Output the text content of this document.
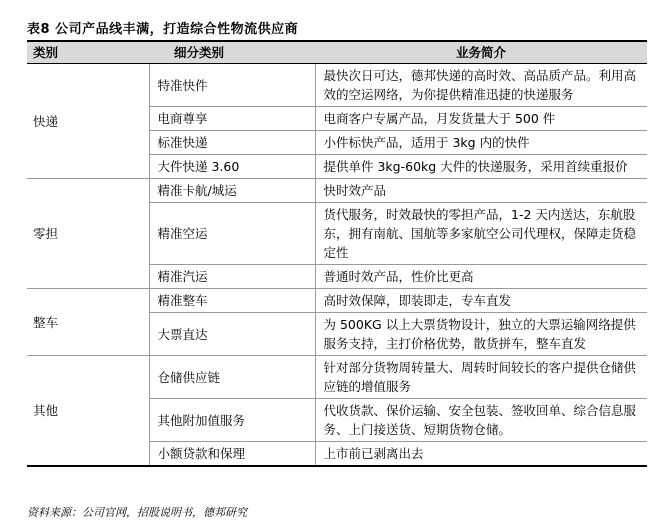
表8 公司产品线丰满，打造综合性物流供应商
类别	细分类别	业务简介
快递	特准快件	最快次日可达，德邦快递的高时效、高品质产品。利用高效的空运网络，为你提供精准迅捷的快递服务
	电商尊享	电商客户专属产品，月发货量大于 500 件
	标准快递	小件标快产品，适用于 3kg 内的快件
	大件快递 3.60	提供单件 3kg-60kg 大件的快递服务，采用首续重报价
零担	精准卡航/城运	快时效产品
	精准空运	货代服务，时效最快的零担产品，1-2 天内送达，东航股东，拥有南航、国航等多家航空公司代理权，保障走货稳定性
	精准汽运	普通时效产品，性价比更高
整车	精准整车	高时效保障，即装即走，专车直发
	大票直达	为 500KG 以上大票货物设计，独立的大票运输网络提供服务支持，主打价格优势，散货拼车，整车直发
其他	仓储供应链	针对部分货物周转量大、周转时间较长的客户提供仓储供应链的增值服务
	其他附加值服务	代收货款、保价运输、安全包装、签收回单、综合信息服务、上门接送货、短期货物仓储。
	小额贷款和保理	上市前已剥离出去
资料来源：公司官网，招股说明书，德邦研究
